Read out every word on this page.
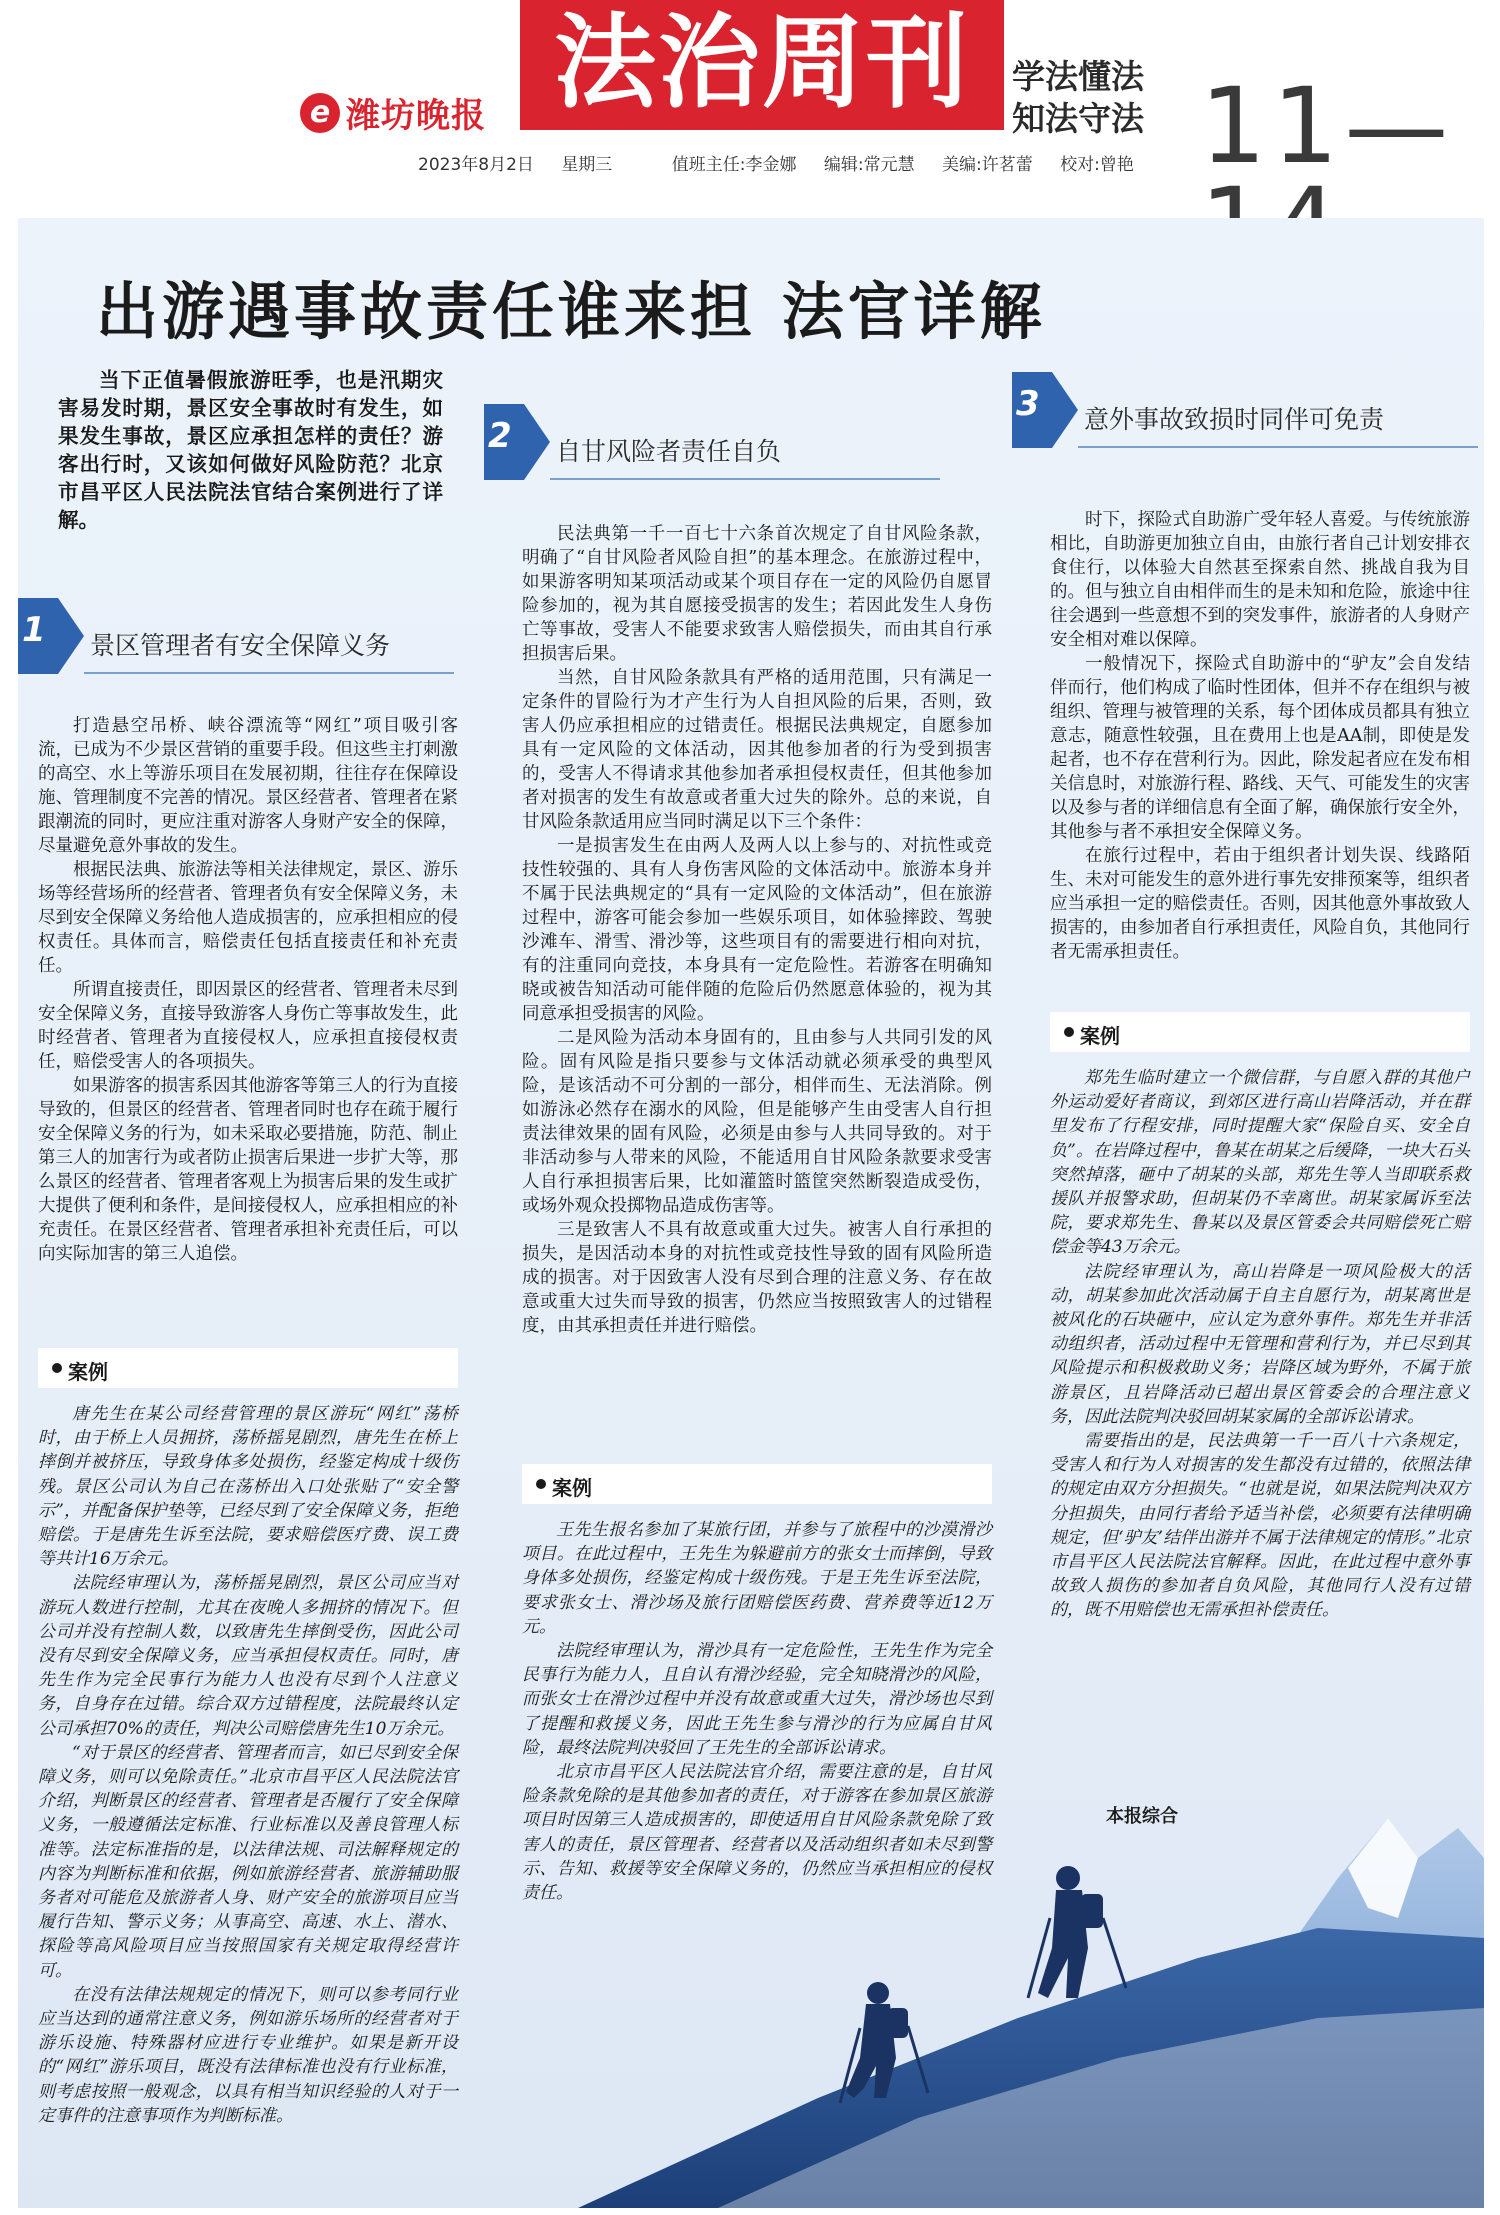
e 潍坊晚报 法治周刊	学法懂法
知法守法 11—
2023年8月2日 星期三	值班主任:李金娜 编辑:常元慧 美编:许茗蕾 校对:曾艳
出游遇事故责任谁来担 法官详解
当下正值暑假旅游旺季，也是汛期灾害易发时期，景区安全事故时有发生，如果发生事故，景区应承担怎样的责任？游客出行时，又该如何做好风险防范？北京市昌平区人民法院法官结合案例进行了详解。
1 景区管理者有安全保障义务

打造悬空吊桥、峡谷漂流等“网红”项目吸引客流，已成为不少景区营销的重要手段。但这些主打刺激的高空、水上等游乐项目在发展初期，往往存在保障设施、管理制度不完善的情况。景区经营者、管理者在紧跟潮流的同时，更应注重对游客人身财产安全的保障，尽量避免意外事故的发生。

根据民法典、旅游法等相关法律规定，景区、游乐场等经营场所的经营者、管理者负有安全保障义务，未尽到安全保障义务给他人造成损害的，应承担相应的侵权责任。具体而言，赔偿责任包括直接责任和补充责任。

所谓直接责任，即因景区的经营者、管理者未尽到安全保障义务，直接导致游客人身伤亡等事故发生，此时经营者、管理者为直接侵权人，应承担直接侵权责任，赔偿受害人的各项损失。

如果游客的损害系因其他游客等第三人的行为直接导致的，但景区的经营者、管理者同时也存在疏于履行安全保障义务的行为，如未采取必要措施，防范、制止第三人的加害行为或者防止损害后果进一步扩大等，那么景区的经营者、管理者客观上为损害后果的发生或扩大提供了便利和条件，是间接侵权人，应承担相应的补充责任。在景区经营者、管理者承担补充责任后，可以向实际加害的第三人追偿。

案例

唐先生在某公司经营管理的景区游玩“网红”荡桥时，由于桥上人员拥挤，荡桥摇晃剧烈，唐先生在桥上摔倒并被挤压，导致身体多处损伤，经鉴定构成十级伤残。景区公司认为自己在荡桥出入口处张贴了“安全警示”，并配备保护垫等，已经尽到了安全保障义务，拒绝赔偿。于是唐先生诉至法院，要求赔偿医疗费、误工费等共计16万余元。

法院经审理认为，荡桥摇晃剧烈，景区公司应当对游玩人数进行控制，尤其在夜晚人多拥挤的情况下。但公司并没有控制人数，以致唐先生摔倒受伤，因此公司没有尽到安全保障义务，应当承担侵权责任。同时，唐先生作为完全民事行为能力人也没有尽到个人注意义务，自身存在过错。综合双方过错程度，法院最终认定公司承担70%的责任，判决公司赔偿唐先生10万余元。

“对于景区的经营者、管理者而言，如已尽到安全保障义务，则可以免除责任。”北京市昌平区人民法院法官介绍，判断景区的经营者、管理者是否履行了安全保障义务，一般遵循法定标准、行业标准以及善良管理人标准等。法定标准指的是，以法律法规、司法解释规定的内容为判断标准和依据，例如旅游经营者、旅游辅助服务者对可能危及旅游者人身、财产安全的旅游项目应当履行告知、警示义务；从事高空、高速、水上、潜水、探险等高风险项目应当按照国家有关规定取得经营许可。

在没有法律法规规定的情况下，则可以参考同行业应当达到的通常注意义务，例如游乐场所的经营者对于游乐设施、特殊器材应进行专业维护。如果是新开设的“网红”游乐项目，既没有法律标准也没有行业标准，则考虑按照一般观念，以具有相当知识经验的人对于一定事件的注意事项作为判断标准。

2 自甘风险者责任自负

民法典第一千一百七十六条首次规定了自甘风险条款，明确了“自甘风险者风险自担”的基本理念。在旅游过程中，如果游客明知某项活动或某个项目存在一定的风险仍自愿冒险参加的，视为其自愿接受损害的发生；若因此发生人身伤亡等事故，受害人不能要求致害人赔偿损失，而由其自行承担损害后果。

当然，自甘风险条款具有严格的适用范围，只有满足一定条件的冒险行为才产生行为人自担风险的后果，否则，致害人仍应承担相应的过错责任。根据民法典规定，自愿参加具有一定风险的文体活动，因其他参加者的行为受到损害的，受害人不得请求其他参加者承担侵权责任，但其他参加者对损害的发生有故意或者重大过失的除外。总的来说，自甘风险条款适用应当同时满足以下三个条件：

一是损害发生在由两人及两人以上参与的、对抗性或竞技性较强的、具有人身伤害风险的文体活动中。旅游本身并不属于民法典规定的“具有一定风险的文体活动”，但在旅游过程中，游客可能会参加一些娱乐项目，如体验摔跤、驾驶沙滩车、滑雪、滑沙等，这些项目有的需要进行相向对抗，有的注重同向竞技，本身具有一定危险性。若游客在明确知晓或被告知活动可能伴随的危险后仍然愿意体验的，视为其同意承担受损害的风险。

二是风险为活动本身固有的，且由参与人共同引发的风险。固有风险是指只要参与文体活动就必须承受的典型风险，是该活动不可分割的一部分，相伴而生、无法消除。例如游泳必然存在溺水的风险，但是能够产生由受害人自行担责法律效果的固有风险，必须是由参与人共同导致的。对于非活动参与人带来的风险，不能适用自甘风险条款要求受害人自行承担损害后果，比如灌篮时篮筐突然断裂造成受伤，或场外观众投掷物品造成伤害等。

三是致害人不具有故意或重大过失。被害人自行承担的损失，是因活动本身的对抗性或竞技性导致的固有风险所造成的损害。对于因致害人没有尽到合理的注意义务、存在故意或重大过失而导致的损害，仍然应当按照致害人的过错程度，由其承担责任并进行赔偿。

案例

王先生报名参加了某旅行团，并参与了旅程中的沙漠滑沙项目。在此过程中，王先生为躲避前方的张女士而摔倒，导致身体多处损伤，经鉴定构成十级伤残。于是王先生诉至法院，要求张女士、滑沙场及旅行团赔偿医药费、营养费等近12万元。

法院经审理认为，滑沙具有一定危险性，王先生作为完全民事行为能力人，且自认有滑沙经验，完全知晓滑沙的风险，而张女士在滑沙过程中并没有故意或重大过失，滑沙场也尽到了提醒和救援义务，因此王先生参与滑沙的行为应属自甘风险，最终法院判决驳回了王先生的全部诉讼请求。

北京市昌平区人民法院法官介绍，需要注意的是，自甘风险条款免除的是其他参加者的责任，对于游客在参加景区旅游项目时因第三人造成损害的，即使适用自甘风险条款免除了致害人的责任，景区管理者、经营者以及活动组织者如未尽到警示、告知、救援等安全保障义务的，仍然应当承担相应的侵权责任。

3 意外事故致损时同伴可免责

时下，探险式自助游广受年轻人喜爱。与传统旅游相比，自助游更加独立自由，由旅行者自己计划安排衣食住行，以体验大自然甚至探索自然、挑战自我为目的。但与独立自由相伴而生的是未知和危险，旅途中往往会遇到一些意想不到的突发事件，旅游者的人身财产安全相对难以保障。

一般情况下，探险式自助游中的“驴友”会自发结伴而行，他们构成了临时性团体，但并不存在组织与被组织、管理与被管理的关系，每个团体成员都具有独立意志，随意性较强，且在费用上也是AA制，即使是发起者，也不存在营利行为。因此，除发起者应在发布相关信息时，对旅游行程、路线、天气、可能发生的灾害以及参与者的详细信息有全面了解，确保旅行安全外，其他参与者不承担安全保障义务。

在旅行过程中，若由于组织者计划失误、线路陌生、未对可能发生的意外进行事先安排预案等，组织者应当承担一定的赔偿责任。否则，因其他意外事故致人损害的，由参加者自行承担责任，风险自负，其他同行者无需承担责任。

案例

郑先生临时建立一个微信群，与自愿入群的其他户外运动爱好者商议，到郊区进行高山岩降活动，并在群里发布了行程安排，同时提醒大家“保险自买、安全自负”。在岩降过程中，鲁某在胡某之后缓降，一块大石头突然掉落，砸中了胡某的头部，郑先生等人当即联系救援队并报警求助，但胡某仍不幸离世。胡某家属诉至法院，要求郑先生、鲁某以及景区管委会共同赔偿死亡赔偿金等43万余元。

法院经审理认为，高山岩降是一项风险极大的活动，胡某参加此次活动属于自主自愿行为，胡某离世是被风化的石块砸中，应认定为意外事件。郑先生并非活动组织者，活动过程中无管理和营利行为，并已尽到其风险提示和积极救助义务；岩降区域为野外，不属于旅游景区，且岩降活动已超出景区管委会的合理注意义务，因此法院判决驳回胡某家属的全部诉讼请求。

需要指出的是，民法典第一千一百八十六条规定，受害人和行为人对损害的发生都没有过错的，依照法律的规定由双方分担损失。“也就是说，如果法院判决双方分担损失，由同行者给予适当补偿，必须要有法律明确规定，但‘驴友’结伴出游并不属于法律规定的情形。”北京市昌平区人民法院法官解释。因此，在此过程中意外事故致人损伤的参加者自负风险，其他同行人没有过错的，既不用赔偿也无需承担补偿责任。

本报综合
